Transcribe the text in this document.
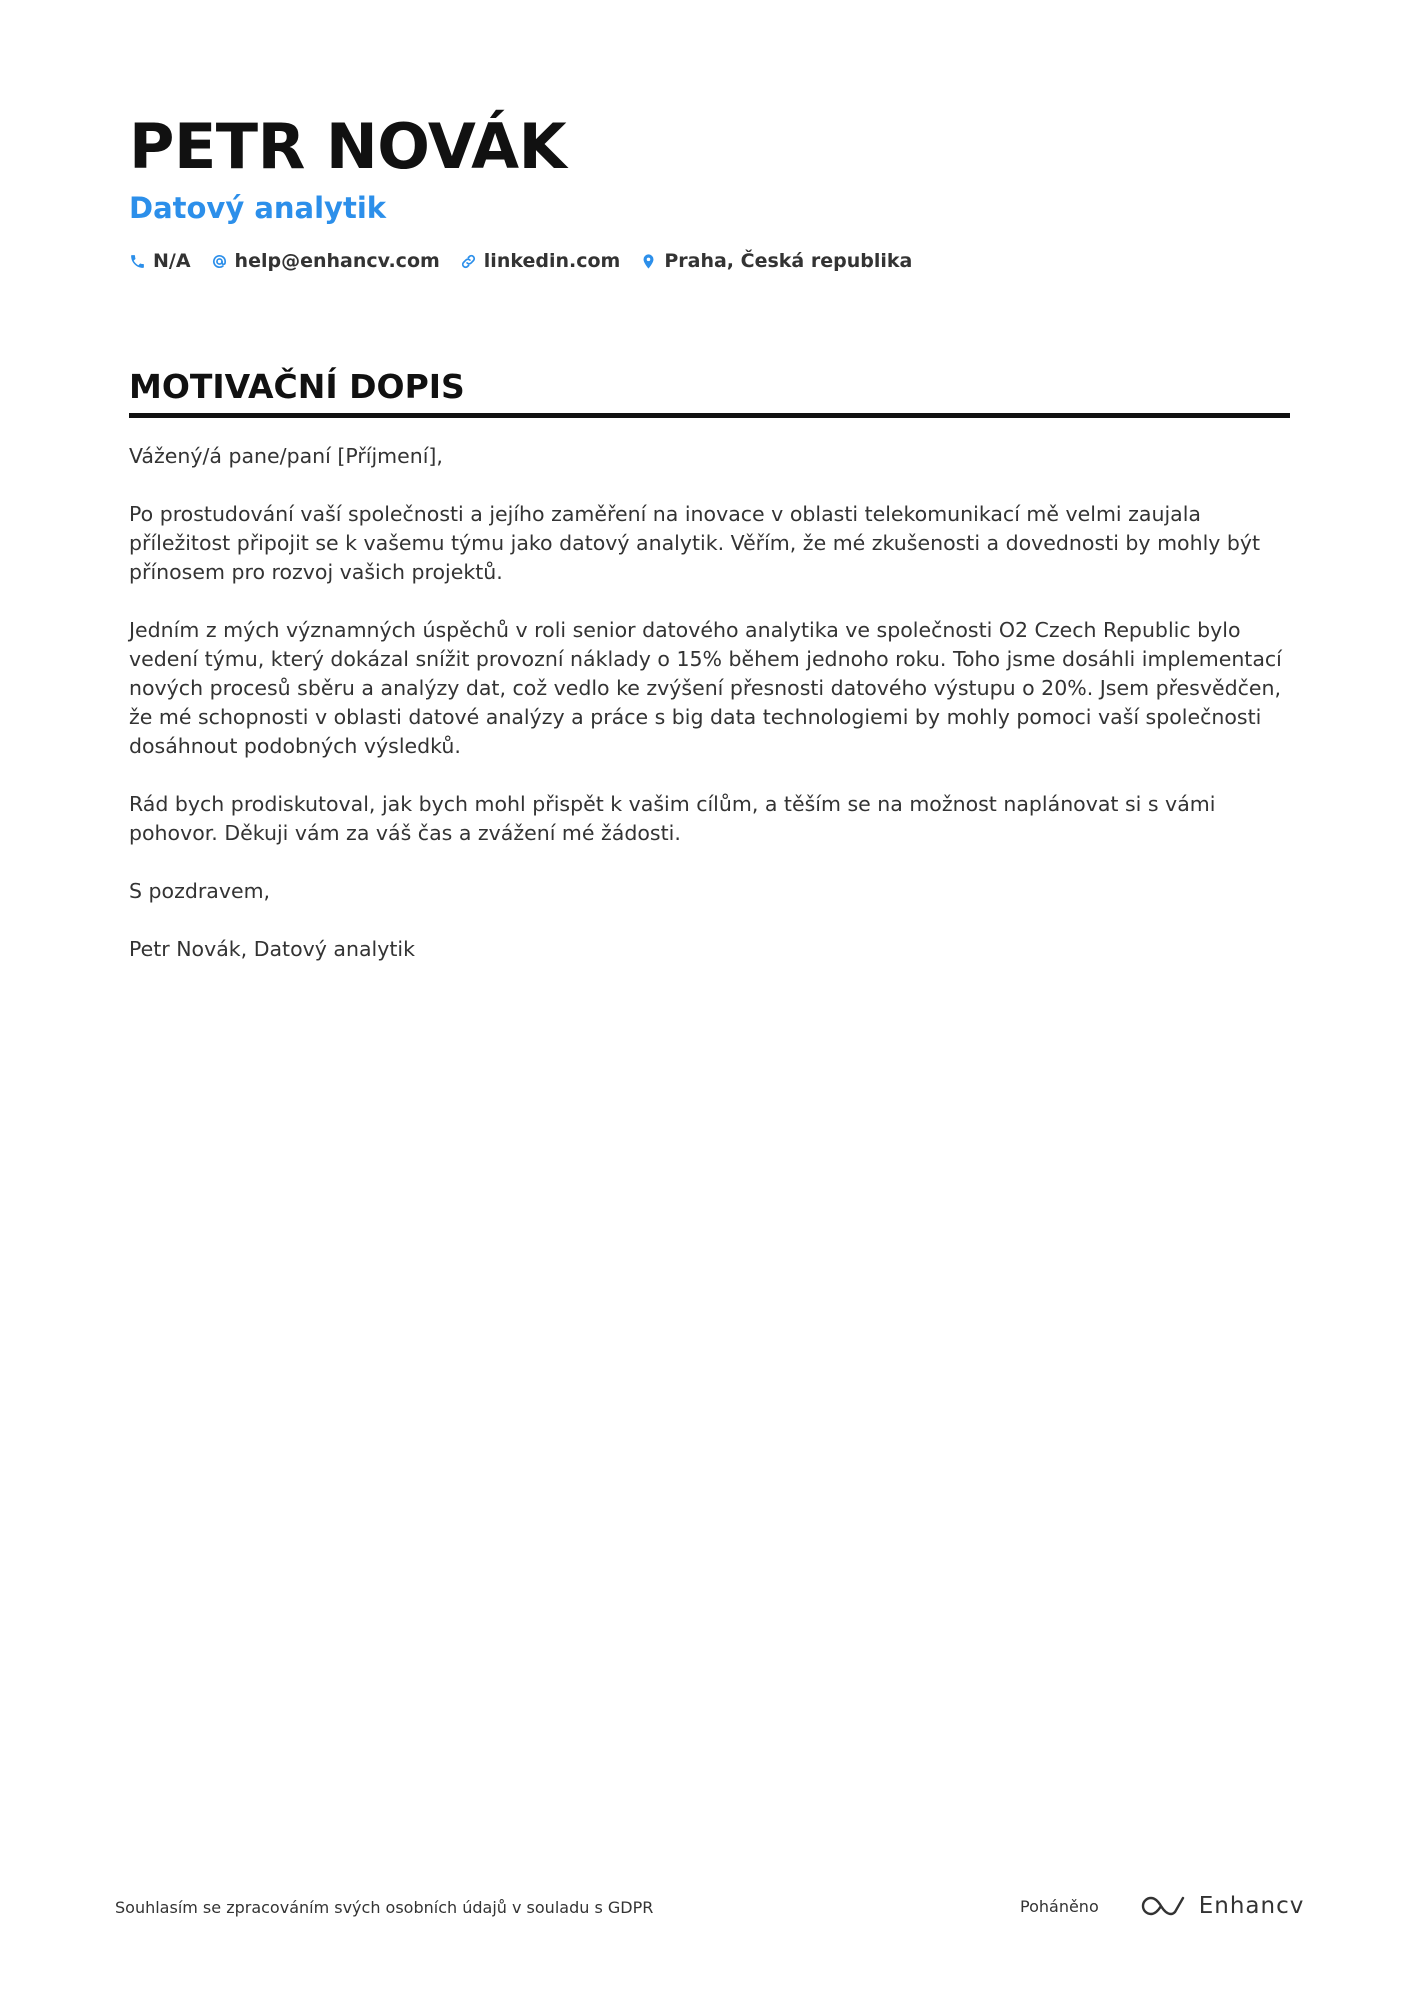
PETR NOVÁK
Datový analytik
N/A help@enhancv.com linkedin.com Praha, Česká republika
MOTIVAČNÍ DOPIS

Vážený/á pane/paní [Příjmení],

Po prostudování vaší společnosti a jejího zaměření na inovace v oblasti telekomunikací mě velmi zaujala příležitost připojit se k vašemu týmu jako datový analytik. Věřím, že mé zkušenosti a dovednosti by mohly být přínosem pro rozvoj vašich projektů.

Jedním z mých významných úspěchů v roli senior datového analytika ve společnosti O2 Czech Republic bylo vedení týmu, který dokázal snížit provozní náklady o 15% během jednoho roku. Toho jsme dosáhli implementací nových procesů sběru a analýzy dat, což vedlo ke zvýšení přesnosti datového výstupu o 20%. Jsem přesvědčen, že mé schopnosti v oblasti datové analýzy a práce s big data technologiemi by mohly pomoci vaší společnosti dosáhnout podobných výsledků.

Rád bych prodiskutoval, jak bych mohl přispět k vašim cílům, a těším se na možnost naplánovat si s vámi pohovor. Děkuji vám za váš čas a zvážení mé žádosti.

S pozdravem,

Petr Novák, Datový analytik

Souhlasím se zpracováním svých osobních údajů v souladu s GDPR	Poháněno	Enhancv
